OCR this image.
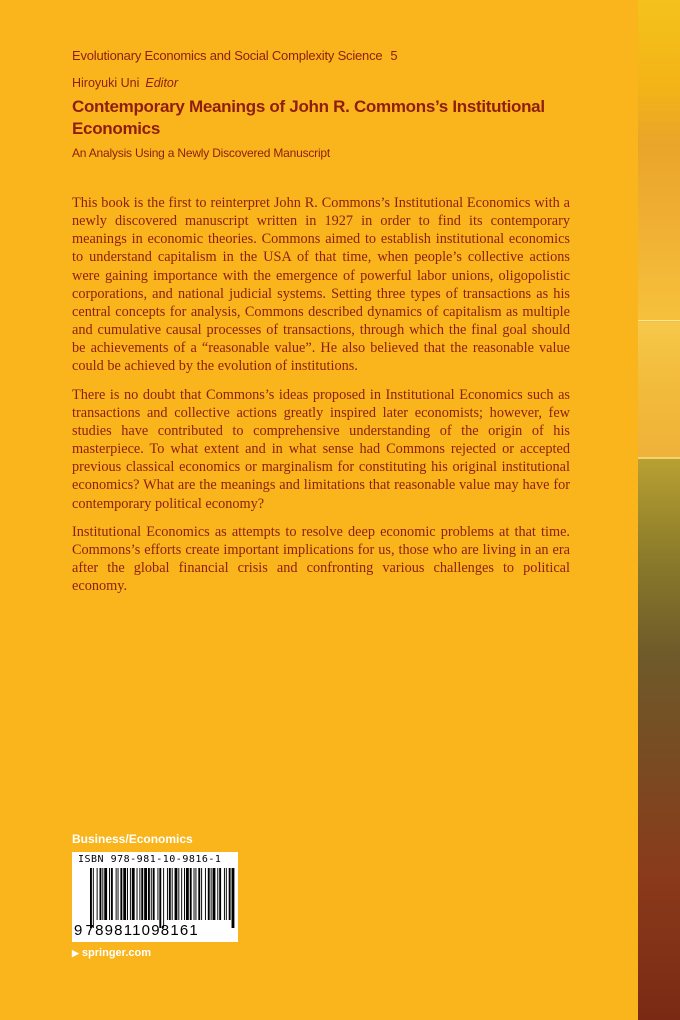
Evolutionary Economics and Social Complexity Science 5
Hiroyuki Uni Editor
Contemporary Meanings of John R. Commons’s Institutional Economics
An Analysis Using a Newly Discovered Manuscript

This book is the first to reinterpret John R. Commons’s Institutional Economics with a newly discovered manuscript written in 1927 in order to find its contemporary meanings in economic theories. Commons aimed to establish institutional economics to understand capitalism in the USA of that time, when people’s collective actions were gaining importance with the emergence of powerful labor unions, oligopolistic corporations, and national judicial systems. Setting three types of transactions as his central concepts for analysis, Commons described dynamics of capitalism as multiple and cumulative causal processes of transactions, through which the final goal should be achievements of a “reasonable value”. He also believed that the reasonable value could be achieved by the evolution of institutions.

There is no doubt that Commons’s ideas proposed in Institutional Economics such as transactions and collective actions greatly inspired later economists; however, few studies have contributed to comprehensive understanding of the origin of his masterpiece. To what extent and in what sense had Commons rejected or accepted previous classical economics or marginalism for constituting his original institutional economics? What are the meanings and limitations that reasonable value may have for contemporary political economy?

Institutional Economics as attempts to resolve deep economic problems at that time. Commons’s efforts create important implications for us, those who are living in an era after the global financial crisis and confronting various challenges to political economy.

Business/Economics
ISBN 978-981-10-9816-1
9 789811098161
▶ springer.com
